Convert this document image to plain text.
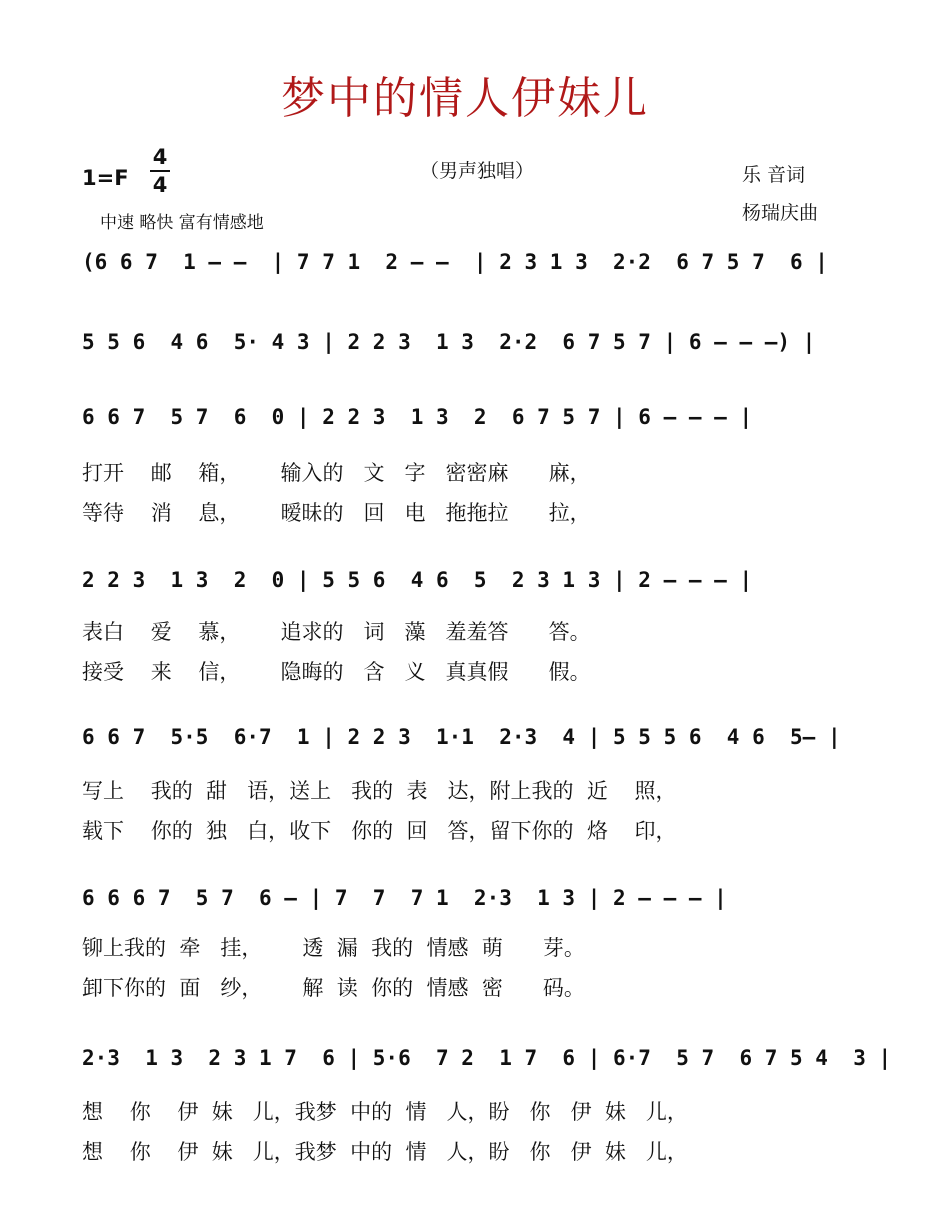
梦中的情人伊妹儿
1=F
4
4
（男声独唱）
中速 略快 富有情感地
乐 音词
杨瑞庆曲
(6 6 7  1 — —  | 7 7 1  2 — —  | 2 3 1 3  2·2  6 7 5 7  6 |
5 5 6  4 6  5· 4 3 | 2 2 3  1 3  2·2  6 7 5 7 | 6 — — —) |
6 6 7  5 7  6  0 | 2 2 3  1 3  2  6 7 5 7 | 6 — — — |
打开    邮    箱，      输入的   文   字   密密麻      麻，
等待    消    息，      暧昧的   回   电   拖拖拉      拉，
2 2 3  1 3  2  0 | 5 5 6  4 6  5  2 3 1 3 | 2 — — — |
表白    爱    慕，      追求的   词   藻   羞羞答      答。
接受    来    信，      隐晦的   含   义   真真假      假。
6 6 7  5·5  6·7  1 | 2 2 3  1·1  2·3  4 | 5 5 5 6  4 6  5— |
写上    我的  甜   语，送上   我的  表   达，附上我的  近    照，
载下    你的  独   白，收下   你的  回   答，留下你的  烙    印，
6 6 6 7  5 7  6 — | 7  7  7 1  2·3  1 3 | 2 — — — |
铆上我的  牵   挂，      透  漏  我的  情感  萌      芽。
卸下你的  面   纱，      解  读  你的  情感  密      码。
2·3  1 3  2 3 1 7  6 | 5·6  7 2  1 7  6 | 6·7  5 7  6 7 5 4  3 |
想    你    伊  妹   儿，我梦  中的  情   人，盼   你   伊  妹   儿，
想    你    伊  妹   儿，我梦  中的  情   人，盼   你   伊  妹   儿，
